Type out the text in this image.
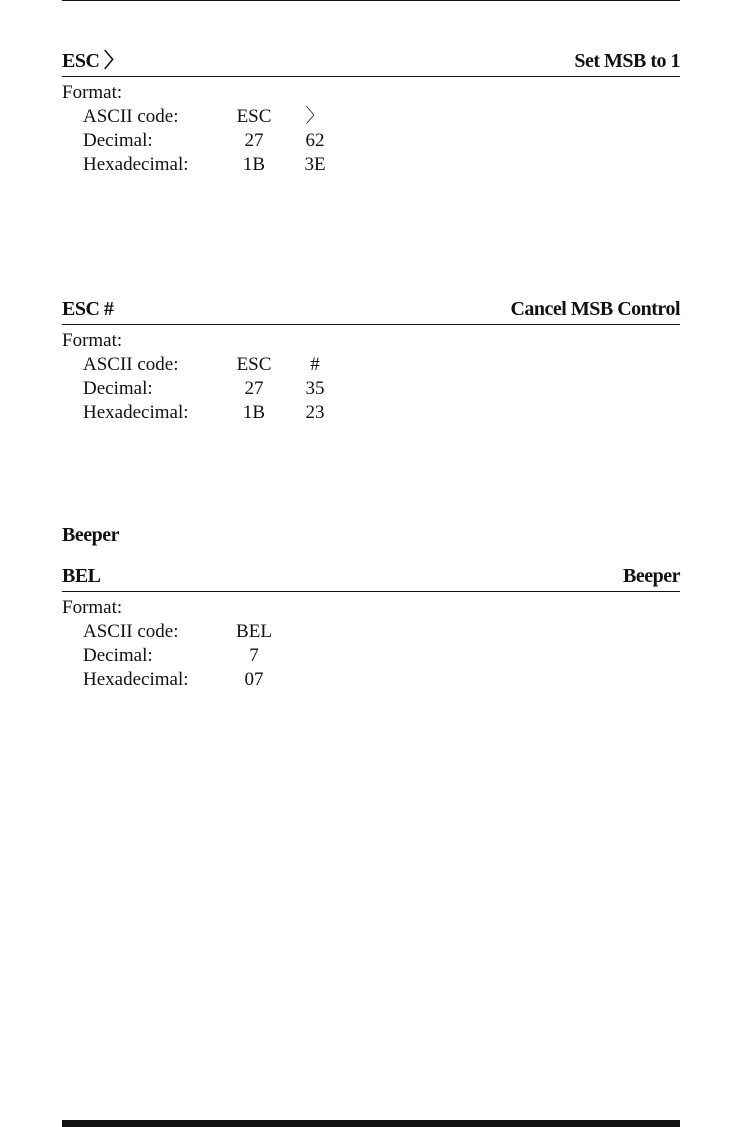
ESC 〉	Set MSB to 1
Format:
ASCII code:	ESC	〉
Decimal:	27	62
Hexadecimal:	1B	3E
ESC #	Cancel MSB Control
Format:
ASCII code:	ESC	#
Decimal:	27	35
Hexadecimal:	1B	23
Beeper
BEL	Beeper
Format:
ASCII code:	BEL
Decimal:	7
Hexadecimal:	07
